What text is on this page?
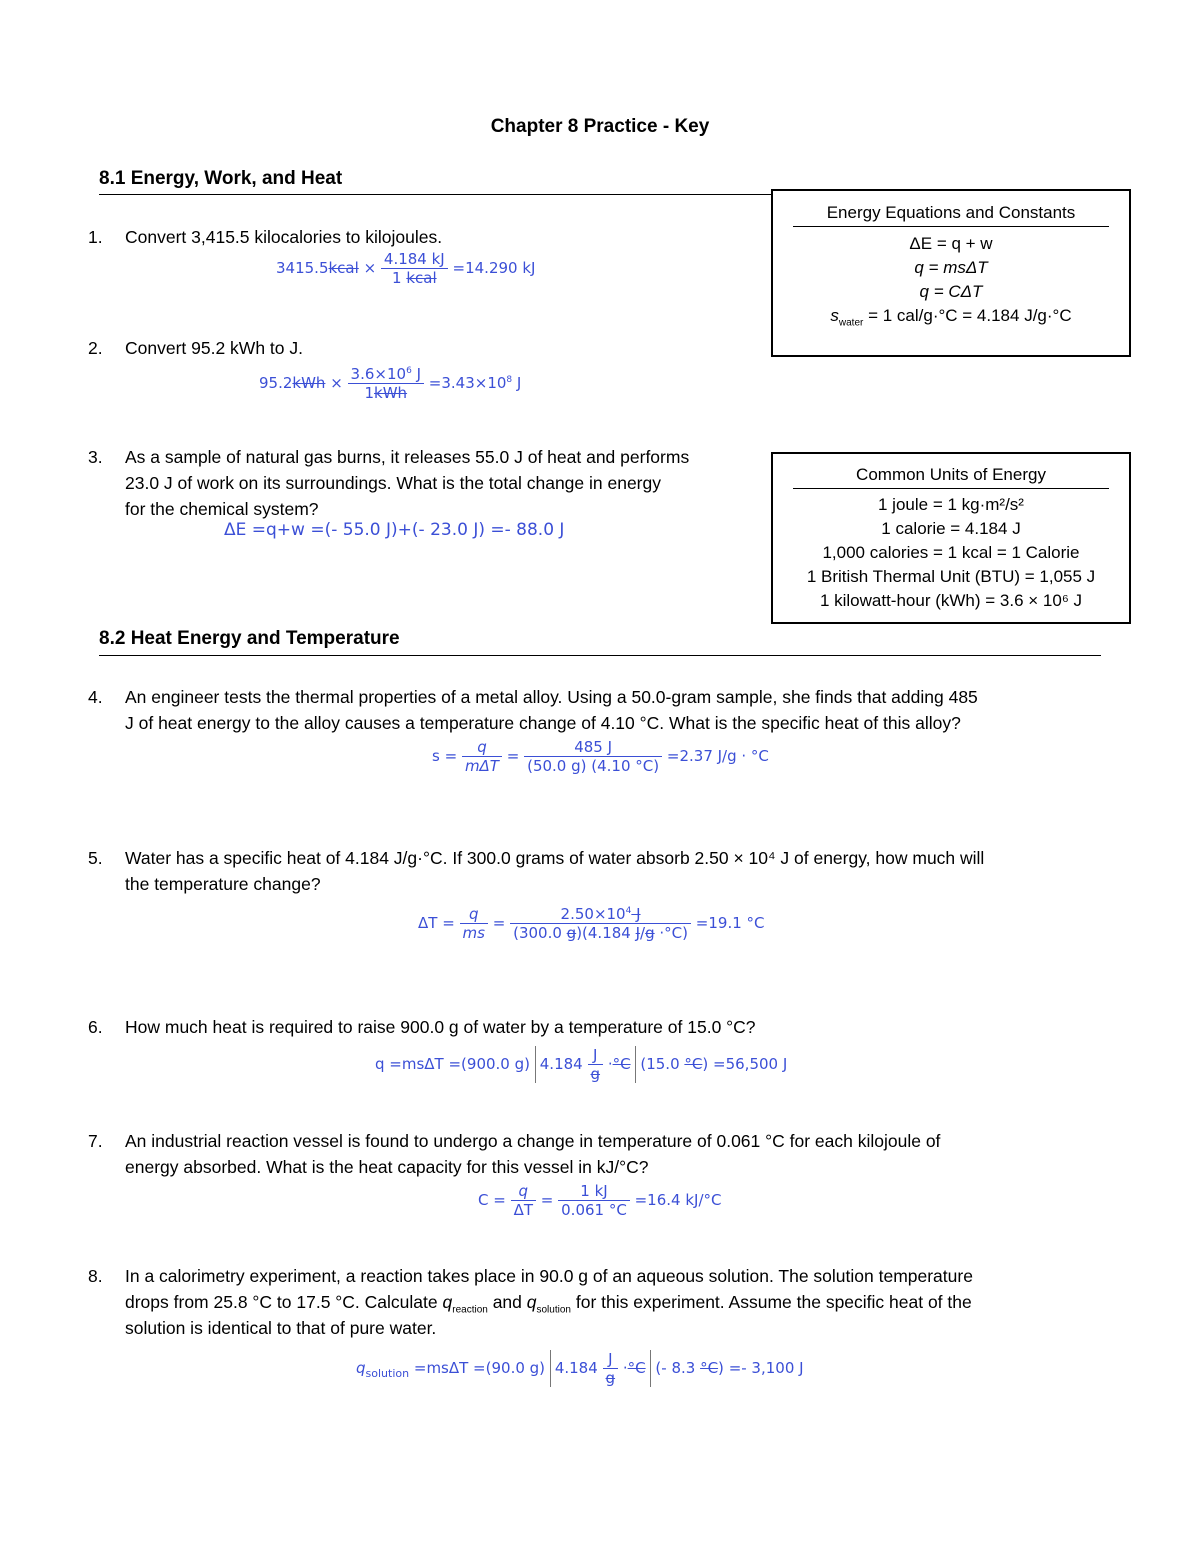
Chapter 8 Practice - Key
8.1 Energy, Work, and Heat
Energy Equations and Constants
ΔE = q + w
q = msΔT
q = CΔT
$s_{water} = 1$ cal/g·°C = 4.184 J/g·°C
1. Convert 3,415.5 kilocalories to kilojoules.
3415.5kcal × $\frac{4.184 kJ}{\text{1 kcal}} =14.290$ kJ
2. Convert 95.2 kWh to J.
$95.2kWh \times \frac{3.6\times 10^6 J}{\text{1kWh}} =3.43\times 10^8$ J
3. As a sample of natural gas burns, it releases 55.0 J of heat and performs
23.0 J of work on its surroundings. What is the total change in energy
for the chemical system?
ΔE =q+w =(- 55.0 J)+(- 23.0 J) =- 88.0 J
Common Units of Energy
1 joule = 1 kg·m²/s²
1 calorie = 4.184 J
1,000 calories = 1 kcal = 1 Calorie
1 British Thermal Unit (BTU) = 1,055 J
1 kilowatt-hour (kWh) = 3.6 × 10⁶ J
8.2 Heat Energy and Temperature
4. An engineer tests the thermal properties of a metal alloy. Using a 50.0-gram sample, she finds that adding 485
J of heat energy to the alloy causes a temperature change of 4.10 °C. What is the specific heat of this alloy?
$s = \frac{q}{\text{mΔT}} = \frac{485 J}{(50.0 g) (4.10 ^\circ C)} =2.37$ J/g · °C
5. Water has a specific heat of 4.184 J/g·°C. If 300.0 grams of water absorb 2.50 × 10⁴ J of energy, how much will
the temperature change?
$\Delta T = \frac{q}{ms} = \frac{2.50\times 10^4 J}{(300.0 g)(4.184 J/g \cdot^\circ C)} =19.1$ °C
6. How much heat is required to raise 900.0 g of water by a temperature of 15.0 °C?
q =msΔT =(900.0 g) $4.184 \frac{J}{g} \cdot^\circ C$ (15.0 °C) =56,500 J
7. An industrial reaction vessel is found to undergo a change in temperature of 0.061 °C for each kilojoule of
energy absorbed. What is the heat capacity for this vessel in kJ/°C?
$C = \frac{q}{\Delta T} = \frac{1 kJ}{0.061 ^\circ C} =16.4$ kJ/°C
8. In a calorimetry experiment, a reaction takes place in 90.0 g of an aqueous solution. The solution temperature
drops from 25.8 °C to 17.5 °C. Calculate $q_{reaction}$ and $q_{solution}$ for this experiment. Assume the specific heat of the
solution is identical to that of pure water.
$q_{solution} =ms\Delta T =(90.0$ g) $4.184 \frac{J}{g} \cdot^\circ C$ (- 8.3 °C) =- 3,100 J
